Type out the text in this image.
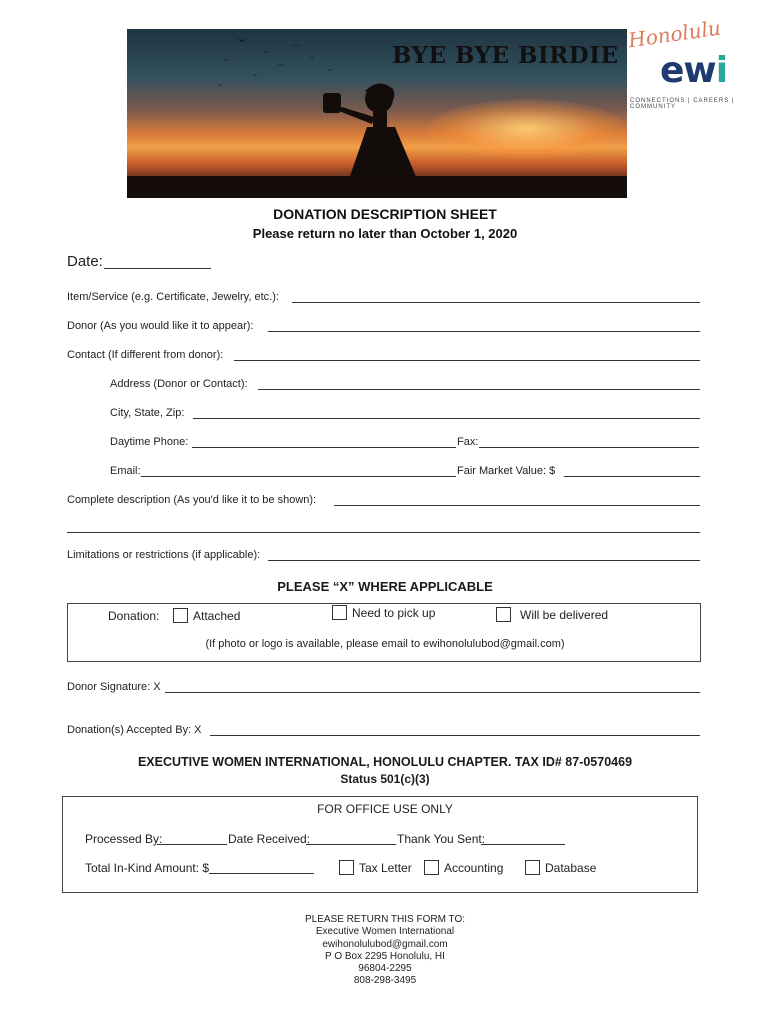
BYE BYE BIRDIE
Honolulu
ewi
CONNECTIONS | CAREERS | COMMUNITY
DONATION DESCRIPTION SHEET
Please return no later than October 1, 2020
Date:
Item/Service (e.g. Certificate, Jewelry, etc.):
Donor (As you would like it to appear):
Contact (If different from donor):
Address (Donor or Contact):
City, State, Zip:
Daytime Phone:	Fax:
Email:	Fair Market Value: $
Complete description (As you'd like it to be shown):
Limitations or restrictions (if applicable):
PLEASE “X” WHERE APPLICABLE
Donation:	Attached	Need to pick up	Will be delivered
(If photo or logo is available, please email to ewihonolulubod@gmail.com)
Donor Signature: X
Donation(s) Accepted By: X
EXECUTIVE WOMEN INTERNATIONAL, HONOLULU CHAPTER. TAX ID# 87-0570469
Status 501(c)(3)
FOR OFFICE USE ONLY
Processed By:	Date Received:	Thank You Sent:
Total In-Kind Amount: $	Tax Letter	Accounting	Database
PLEASE RETURN THIS FORM TO:
Executive Women International
ewihonolulubod@gmail.com
P O Box 2295 Honolulu, HI
96804-2295
808-298-3495
